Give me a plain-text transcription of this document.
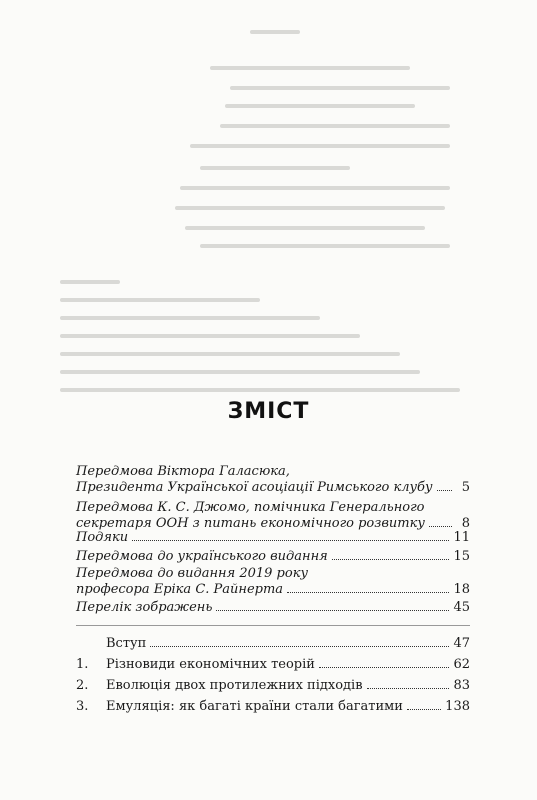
ЗМІСТ
Передмова Віктора Галасюка,
Президента Української асоціації Римського клубу	5
Передмова К. С. Джомо, помічника Генерального
секретаря ООН з питань економічного розвитку	8
Подяки	11
Передмова до українського видання	15
Передмова до видання 2019 року
професора Еріка С. Райнерта	18
Перелік зображень	45
Вступ	47
1. Різновиди економічних теорій	62
2. Еволюція двох протилежних підходів	83
3. Емуляція: як багаті країни стали багатими	138
